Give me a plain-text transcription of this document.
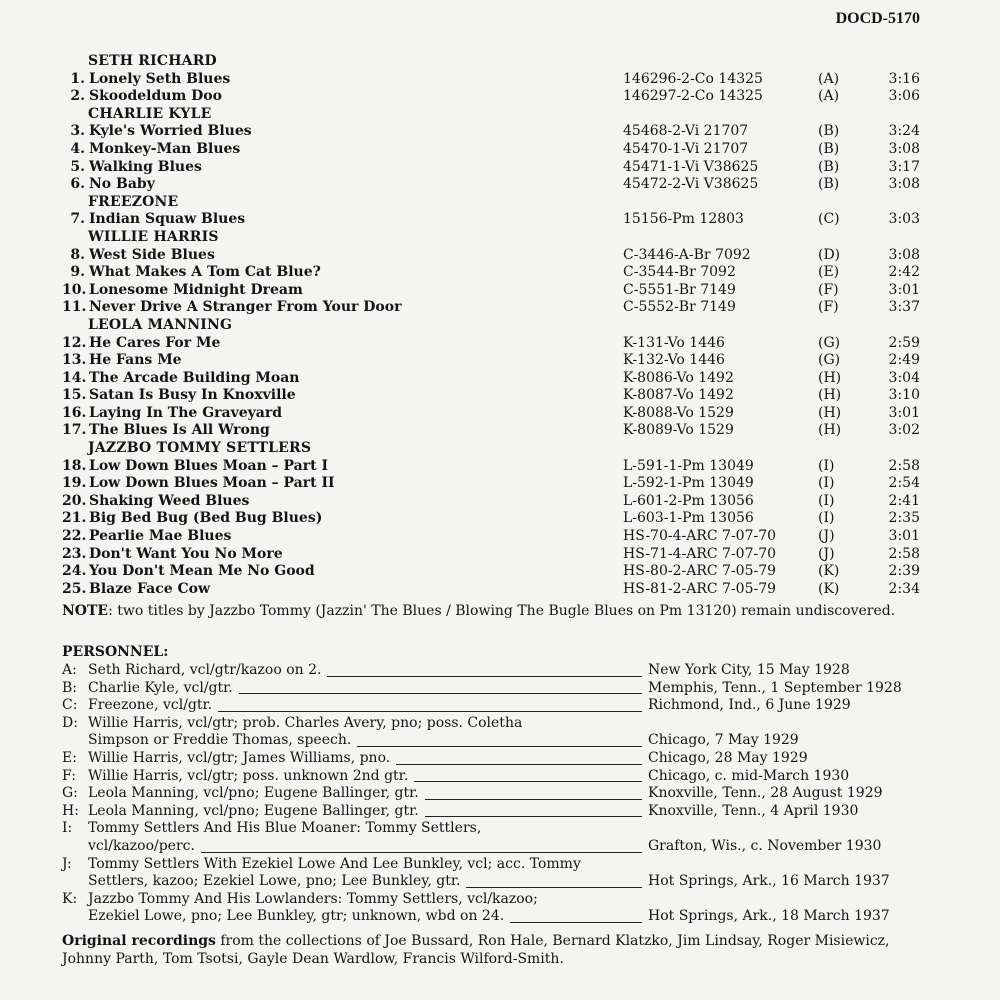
DOCD-5170
SETH RICHARD
1. Lonely Seth Blues	146296-2-Co 14325	(A)	3:16
2. Skoodeldum Doo	146297-2-Co 14325	(A)	3:06
CHARLIE KYLE
3. Kyle's Worried Blues	45468-2-Vi 21707	(B)	3:24
4. Monkey-Man Blues	45470-1-Vi 21707	(B)	3:08
5. Walking Blues	45471-1-Vi V38625	(B)	3:17
6. No Baby	45472-2-Vi V38625	(B)	3:08
FREEZONE
7. Indian Squaw Blues	15156-Pm 12803	(C)	3:03
WILLIE HARRIS
8. West Side Blues	C-3446-A-Br 7092	(D)	3:08
9. What Makes A Tom Cat Blue?	C-3544-Br 7092	(E)	2:42
10. Lonesome Midnight Dream	C-5551-Br 7149	(F)	3:01
11. Never Drive A Stranger From Your Door	C-5552-Br 7149	(F)	3:37
LEOLA MANNING
12. He Cares For Me	K-131-Vo 1446	(G)	2:59
13. He Fans Me	K-132-Vo 1446	(G)	2:49
14. The Arcade Building Moan	K-8086-Vo 1492	(H)	3:04
15. Satan Is Busy In Knoxville	K-8087-Vo 1492	(H)	3:10
16. Laying In The Graveyard	K-8088-Vo 1529	(H)	3:01
17. The Blues Is All Wrong	K-8089-Vo 1529	(H)	3:02
JAZZBO TOMMY SETTLERS
18. Low Down Blues Moan – Part I	L-591-1-Pm 13049	(I)	2:58
19. Low Down Blues Moan – Part II	L-592-1-Pm 13049	(I)	2:54
20. Shaking Weed Blues	L-601-2-Pm 13056	(I)	2:41
21. Big Bed Bug (Bed Bug Blues)	L-603-1-Pm 13056	(I)	2:35
22. Pearlie Mae Blues	HS-70-4-ARC 7-07-70	(J)	3:01
23. Don't Want You No More	HS-71-4-ARC 7-07-70	(J)	2:58
24. You Don't Mean Me No Good	HS-80-2-ARC 7-05-79	(K)	2:39
25. Blaze Face Cow	HS-81-2-ARC 7-05-79	(K)	2:34
NOTE: two titles by Jazzbo Tommy (Jazzin' The Blues / Blowing The Bugle Blues on Pm 13120) remain undiscovered.
PERSONNEL:
A: Seth Richard, vcl/gtr/kazoo on 2.	New York City, 15 May 1928
B: Charlie Kyle, vcl/gtr.	Memphis, Tenn., 1 September 1928
C: Freezone, vcl/gtr.	Richmond, Ind., 6 June 1929
D: Willie Harris, vcl/gtr; prob. Charles Avery, pno; poss. Coletha
Simpson or Freddie Thomas, speech.	Chicago, 7 May 1929
E: Willie Harris, vcl/gtr; James Williams, pno.	Chicago, 28 May 1929
F: Willie Harris, vcl/gtr; poss. unknown 2nd gtr.	Chicago, c. mid-March 1930
G: Leola Manning, vcl/pno; Eugene Ballinger, gtr.	Knoxville, Tenn., 28 August 1929
H: Leola Manning, vcl/pno; Eugene Ballinger, gtr.	Knoxville, Tenn., 4 April 1930
I:	Tommy Settlers And His Blue Moaner: Tommy Settlers,
vcl/kazoo/perc.	Grafton, Wis., c. November 1930
J:	Tommy Settlers With Ezekiel Lowe And Lee Bunkley, vcl; acc. Tommy
Settlers, kazoo; Ezekiel Lowe, pno; Lee Bunkley, gtr.	Hot Springs, Ark., 16 March 1937
K: Jazzbo Tommy And His Lowlanders: Tommy Settlers, vcl/kazoo;
Ezekiel Lowe, pno; Lee Bunkley, gtr; unknown, wbd on 24.	Hot Springs, Ark., 18 March 1937
Original recordings from the collections of Joe Bussard, Ron Hale, Bernard Klatzko, Jim Lindsay, Roger Misiewicz, Johnny Parth, Tom Tsotsi, Gayle Dean Wardlow, Francis Wilford-Smith.
